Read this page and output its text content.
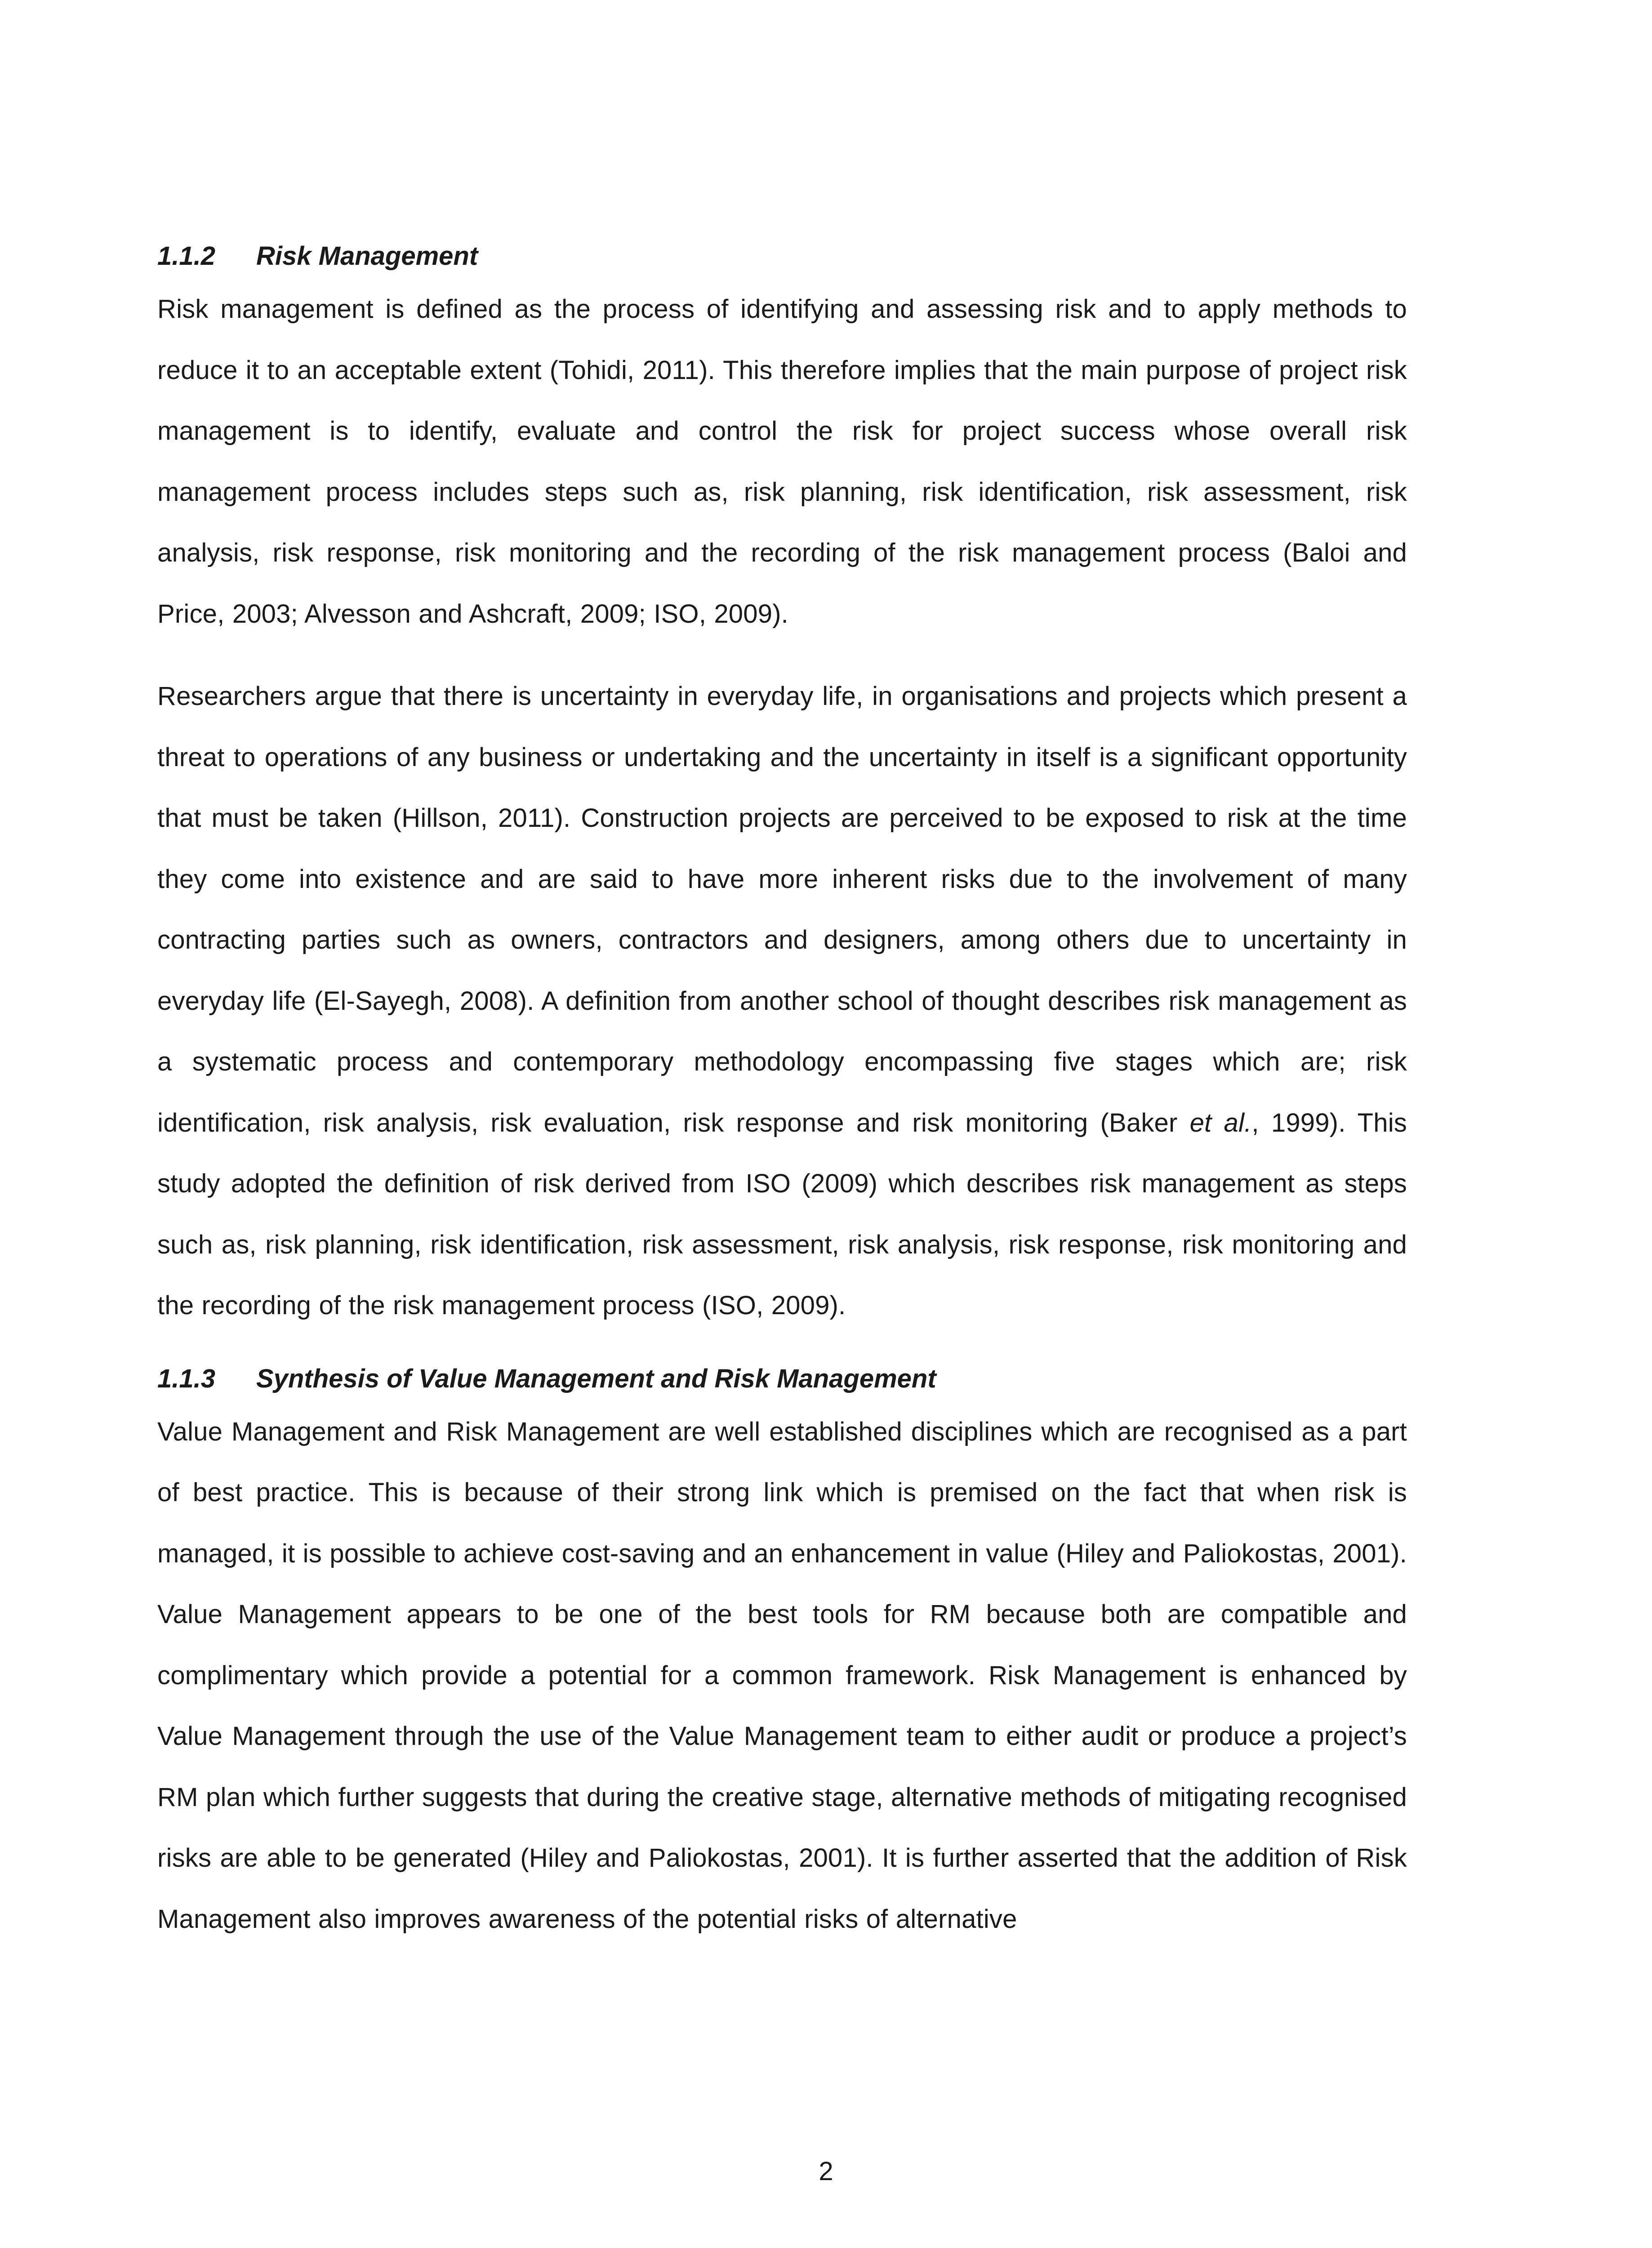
1.1.2 Risk Management

Risk management is defined as the process of identifying and assessing risk and to apply methods to reduce it to an acceptable extent (Tohidi, 2011). This therefore implies that the main purpose of project risk management is to identify, evaluate and control the risk for project success whose overall risk management process includes steps such as, risk planning, risk identification, risk assessment, risk analysis, risk response, risk monitoring and the recording of the risk management process (Baloi and Price, 2003; Alvesson and Ashcraft, 2009; ISO, 2009).

Researchers argue that there is uncertainty in everyday life, in organisations and projects which present a threat to operations of any business or undertaking and the uncertainty in itself is a significant opportunity that must be taken (Hillson, 2011). Construction projects are perceived to be exposed to risk at the time they come into existence and are said to have more inherent risks due to the involvement of many contracting parties such as owners, contractors and designers, among others due to uncertainty in everyday life (El-Sayegh, 2008). A definition from another school of thought describes risk management as a systematic process and contemporary methodology encompassing five stages which are; risk identification, risk analysis, risk evaluation, risk response and risk monitoring (Baker et al., 1999). This study adopted the definition of risk derived from ISO (2009) which describes risk management as steps such as, risk planning, risk identification, risk assessment, risk analysis, risk response, risk monitoring and the recording of the risk management process (ISO, 2009).

1.1.3 Synthesis of Value Management and Risk Management

Value Management and Risk Management are well established disciplines which are recognised as a part of best practice. This is because of their strong link which is premised on the fact that when risk is managed, it is possible to achieve cost-saving and an enhancement in value (Hiley and Paliokostas, 2001). Value Management appears to be one of the best tools for RM because both are compatible and complimentary which provide a potential for a common framework. Risk Management is enhanced by Value Management through the use of the Value Management team to either audit or produce a project’s RM plan which further suggests that during the creative stage, alternative methods of mitigating recognised risks are able to be generated (Hiley and Paliokostas, 2001). It is further asserted that the addition of Risk Management also improves awareness of the potential risks of alternative

2
